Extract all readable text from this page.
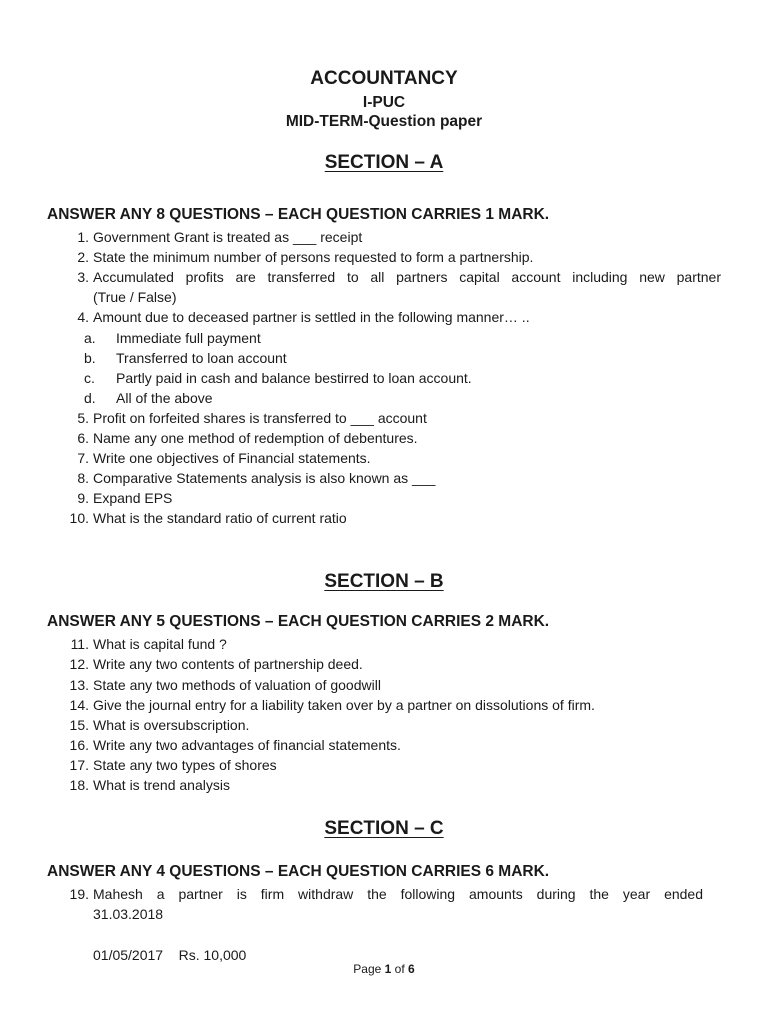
ACCOUNTANCY
I-PUC
MID-TERM-Question paper
SECTION – A
ANSWER ANY 8 QUESTIONS – EACH QUESTION CARRIES 1 MARK.
1. Government Grant is treated as ___ receipt
2. State the minimum number of persons requested to form a partnership.
3. Accumulated profits are transferred to all partners capital account including new partner
(True / False)
4. Amount due to deceased partner is settled in the following manner… ..
a.	Immediate full payment
b.	Transferred to loan account
c.	Partly paid in cash and balance bestirred to loan account.
d.	All of the above
5. Profit on forfeited shares is transferred to ___ account
6. Name any one method of redemption of debentures.
7. Write one objectives of Financial statements.
8. Comparative Statements analysis is also known as ___
9. Expand EPS
10. What is the standard ratio of current ratio
SECTION – B
ANSWER ANY 5 QUESTIONS – EACH QUESTION CARRIES 2 MARK.
11. What is capital fund ?
12. Write any two contents of partnership deed.
13. State any two methods of valuation of goodwill
14. Give the journal entry for a liability taken over by a partner on dissolutions of firm.
15. What is oversubscription.
16. Write any two advantages of financial statements.
17. State any two types of shores
18. What is trend analysis
SECTION – C
ANSWER ANY 4 QUESTIONS – EACH QUESTION CARRIES 6 MARK.
19. Mahesh a partner is firm withdraw the following amounts during the year ended
31.03.2018

01/05/2017    Rs. 10,000

Page 1 of 6
